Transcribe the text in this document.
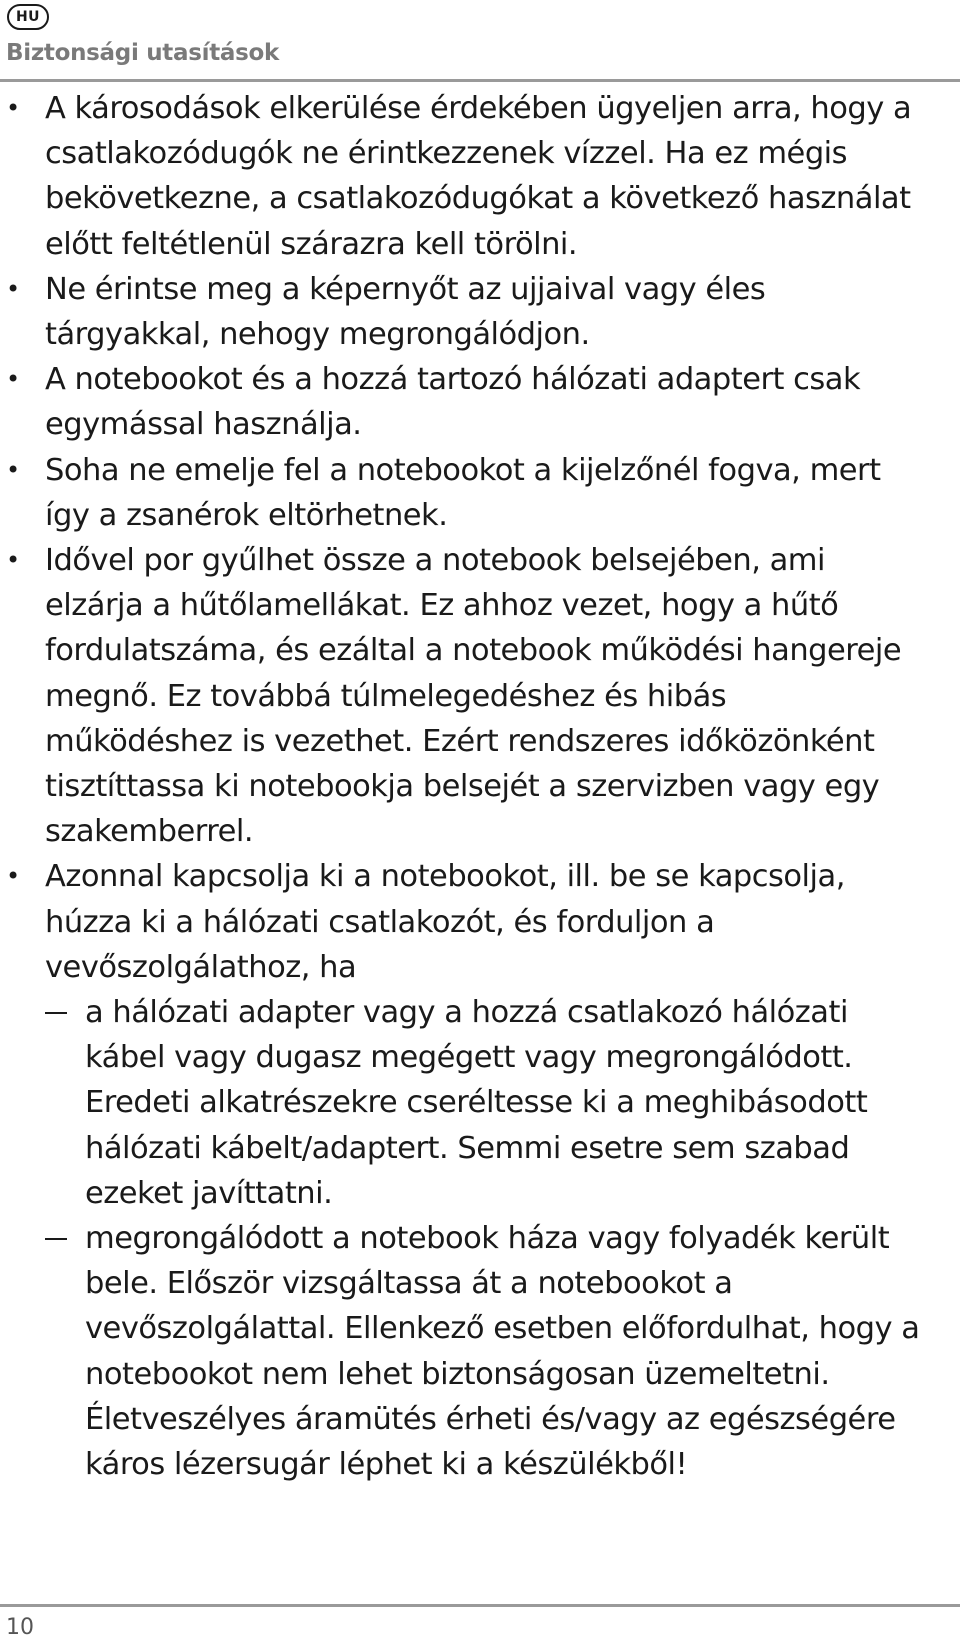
HU
Biztonsági utasítások
• A károsodások elkerülése érdekében ügyeljen arra, hogy a csatlakozódugók ne érintkezzenek vízzel. Ha ez mégis bekövetkezne, a csatlakozódugókat a következő használat előtt feltétlenül szárazra kell törölni.
• Ne érintse meg a képernyőt az ujjaival vagy éles tárgyakkal, nehogy megrongálódjon.
• A notebookot és a hozzá tartozó hálózati adaptert csak egymással használja.
• Soha ne emelje fel a notebookot a kijelzőnél fogva, mert így a zsanérok eltörhetnek.
• Idővel por gyűlhet össze a notebook belsejében, ami elzárja a hűtőlamellákat. Ez ahhoz vezet, hogy a hűtő fordulatszáma, és ezáltal a notebook működési hangereje megnő. Ez továbbá túlmelegedéshez és hibás működéshez is vezethet. Ezért rendszeres időközönként tisztíttassa ki notebookja belsejét a szervizben vagy egy szakemberrel.
• Azonnal kapcsolja ki a notebookot, ill. be se kapcsolja, húzza ki a hálózati csatlakozót, és forduljon a vevőszolgálathoz, ha
a hálózati adapter vagy a hozzá csatlakozó hálózati kábel vagy dugasz megégett vagy megrongálódott. Eredeti alkatrészekre cseréltesse ki a meghibásodott hálózati kábelt/adaptert. Semmi esetre sem szabad ezeket javíttatni.
megrongálódott a notebook háza vagy folyadék került bele. Először vizsgáltassa át a notebookot a vevőszolgálattal. Ellenkező esetben előfordulhat, hogy a notebookot nem lehet biztonságosan üzemeltetni. Életveszélyes áramütés érheti és/vagy az egészségére káros lézersugár léphet ki a készülékből!
10
